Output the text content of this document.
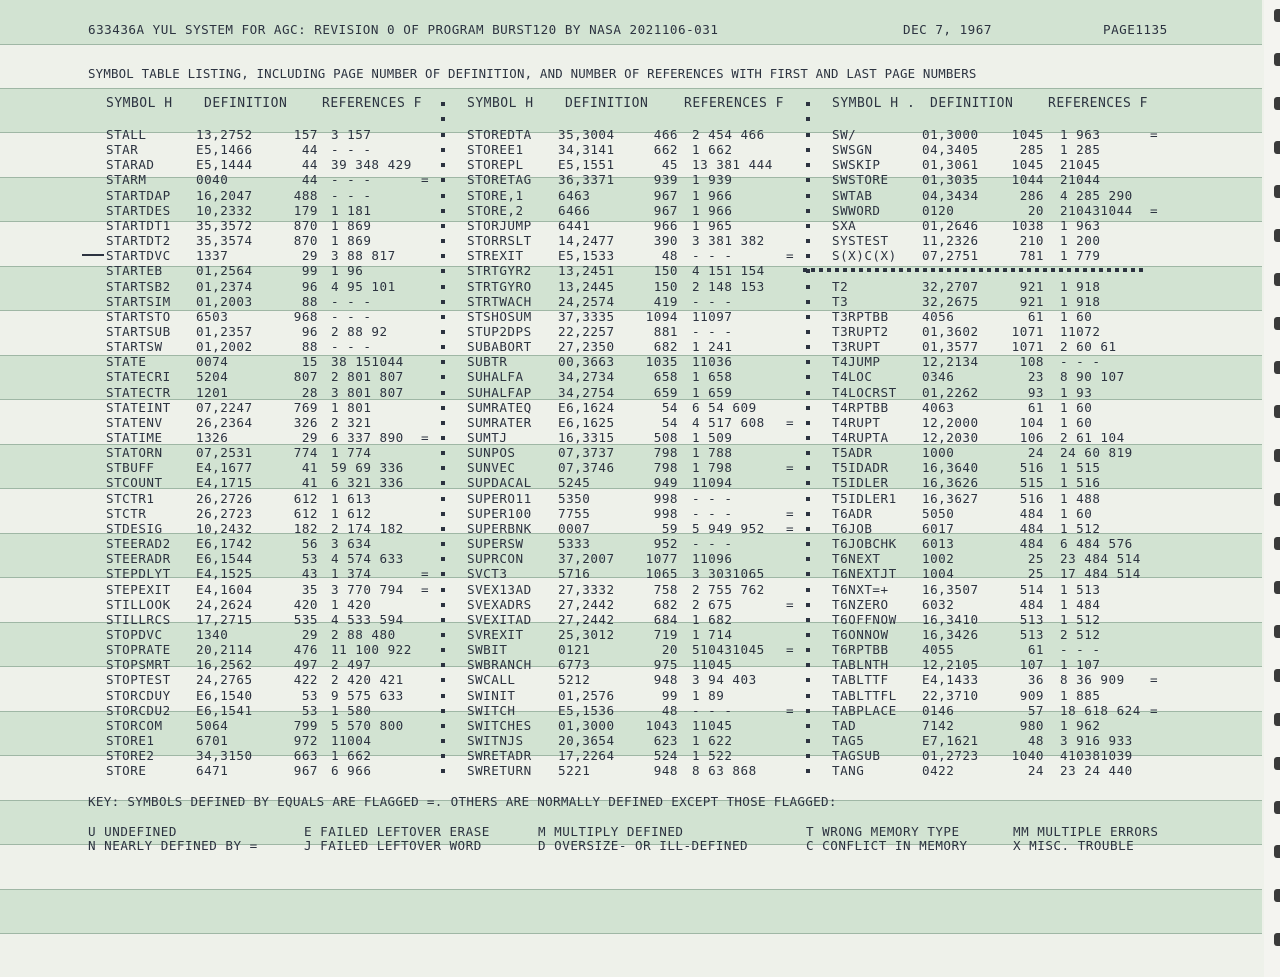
633436A YUL SYSTEM FOR AGC: REVISION 0 OF PROGRAM BURST120 BY NASA 2021106-031	DEC 7, 1967	PAGE1135
SYMBOL TABLE LISTING, INCLUDING PAGE NUMBER OF DEFINITION, AND NUMBER OF REFERENCES WITH FIRST AND LAST PAGE NUMBERS
SYMBOL H DEFINITION	REFERENCES F	SYMBOL H DEFINITION	REFERENCES F	SYMBOL H . DEFINITION	REFERENCES F
STALL	13,2752	157 3 157
STAR	E5,1466	44 - - -
STARAD	E5,1444	44 39 348 429
STARM	0040	44 - - -	=
STARTDAP 16,2047	488 - - -
STARTDES 10,2332	179 1 181
STARTDT1 35,3572	870 1 869
STARTDT2 35,3574	870 1 869
STARTDVC 1337	29 3 88 817
STARTEB	01,2564	99 1 96
STARTSB2 01,2374	96 4 95 101
STARTSIM 01,2003	88 - - -
STARTSTO 6503	968 - - -
STARTSUB 01,2357	96 2 88 92
STARTSW	01,2002	88 - - -
STATE	0074	15 38 151044
STATECRI 5204	807 2 801 807
STATECTR 1201	28 3 801 807
STATEINT 07,2247	769 1 801
STATENV	26,2364	326 2 321
STATIME	1326	29 6 337 890 =
STATORN	07,2531	774 1 774
STBUFF	E4,1677	41 59 69 336
STCOUNT	E4,1715	41 6 321 336
STCTR1	26,2726	612 1 613
STCTR	26,2723	612 1 612
STDESIG	10,2432	182 2 174 182
STEERAD2 E6,1742	56 3 634
STEERADR E6,1544	53 4 574 633
STEPDLYT E4,1525	43 1 374	=
STEPEXIT E4,1604	35 3 770 794 =
STILLOOK 24,2624	420 1 420
STILLRCS 17,2715	535 4 533 594
STOPDVC	1340	29 2 88 480
STOPRATE 20,2114	476 11 100 922
STOPSMRT 16,2562	497 2 497
STOPTEST 24,2765	422 2 420 421
STORCDUY E6,1540	53 9 575 633
STORCDU2 E6,1541	53 1 580
STORCOM	5064	799 5 570 800
STORE1	6701	972 11004
STORE2	34,3150	663 1 662
STORE	6471	967 6 966
STOREDTA 35,3004	466 2 454 466
STOREE1	34,3141	662 1 662
STOREPL	E5,1551	45 13 381 444
STORETAG 36,3371	939 1 939
STORE,1	6463	967 1 966
STORE,2	6466	967 1 966
STORJUMP 6441	966 1 965
STORRSLT 14,2477	390 3 381 382
STREXIT	E5,1533	48 - - -	=
STRTGYR2 13,2451	150 4 151 154
STRTGYRO 13,2445	150 2 148 153
STRTWACH 24,2574	419 - - -
STSHOSUM 37,3335 1094 11097
STUP2DPS 22,2257	881 - - -
SUBABORT 27,2350	682 1 241
SUBTR	00,3663 1035 11036
SUHALFA	34,2734	658 1 658
SUHALFAP 34,2754	659 1 659
SUMRATEQ E6,1624	54 6 54 609
SUMRATER E6,1625	54 4 517 608 =
SUMTJ	16,3315	508 1 509
SUNPOS	07,3737	798 1 788
SUNVEC	07,3746	798 1 798	=
SUPDACAL 5245	949 11094
SUPERO11 5350	998 - - -
SUPER100 7755	998 - - -	=
SUPERBNK 0007	59 5 949 952 =
SUPERSW	5333	952 - - -
SUPRCON	37,2007 1077 11096
SVCT3	5716	1065 3 3031065
SVEX13AD 27,3332	758 2 755 762
SVEXADRS 27,2442	682 2 675	=
SVEXITAD 27,2442	684 1 682
SVREXIT	25,3012	719 1 714
SWBIT	0121	20 510431045 =
SWBRANCH 6773	975 11045
SWCALL	5212	948 3 94 403
SWINIT	01,2576	99 1 89
SWITCH	E5,1536	48 - - -	=
SWITCHES 01,3000 1043 11045
SWITNJS	20,3654	623 1 622
SWRETADR 17,2264	524 1 522
SWRETURN 5221	948 8 63 868
SW/	01,3000	1045 1 963	=
SWSGN	04,3405	285 1 285
SWSKIP	01,3061	1045 21045
SWSTORE	01,3035	1044 21044
SWTAB	04,3434	286 4 285 290
SWWORD	0120	20 210431044 =
SXA	01,2646	1038 1 963
SYSTEST	11,2326	210 1 200
S(X)C(X) 07,2751	781 1 779
T2	32,2707	921 1 918
T3	32,2675	921 1 918
T3RPTBB	4056	61 1 60
T3RUPT2	01,3602	1071 11072
T3RUPT	01,3577	1071 2 60 61
T4JUMP	12,2134	108 - - -
T4LOC	0346	23 8 90 107
T4LOCRST 01,2262	93 1 93
T4RPTBB	4063	61 1 60
T4RUPT	12,2000	104 1 60
T4RUPTA	12,2030	106 2 61 104
T5ADR	1000	24 24 60 819
T5IDADR	16,3640	516 1 515
T5IDLER	16,3626	515 1 516
T5IDLER1 16,3627	516 1 488
T6ADR	5050	484 1 60
T6JOB	6017	484 1 512
T6JOBCHK 6013	484 6 484 576
T6NEXT	1002	25 23 484 514
T6NEXTJT 1004	25 17 484 514
T6NXT=+	16,3507	514 1 513
T6NZERO	6032	484 1 484
T6OFFNOW 16,3410	513 1 512
T6ONNOW	16,3426	513 2 512
T6RPTBB	4055	61 - - -
TABLNTH	12,2105	107 1 107
TABLTTF	E4,1433	36 8 36 909 =
TABLTTFL 22,3710	909 1 885
TABPLACE 0146	57 18 618 624 =
TAD	7142	980 1 962
TAG5	E7,1621	48 3 916 933
TAGSUB	01,2723	1040 410381039
TANG	0422	24 23 24 440
KEY: SYMBOLS DEFINED BY EQUALS ARE FLAGGED =. OTHERS ARE NORMALLY DEFINED EXCEPT THOSE FLAGGED:
U UNDEFINED	E FAILED LEFTOVER ERASE	M MULTIPLY DEFINED	T WRONG MEMORY TYPE	MM MULTIPLE ERRORS
N NEARLY DEFINED BY =	J FAILED LEFTOVER WORD	D OVERSIZE- OR ILL-DEFINED	C CONFLICT IN MEMORY	X MISC. TROUBLE
